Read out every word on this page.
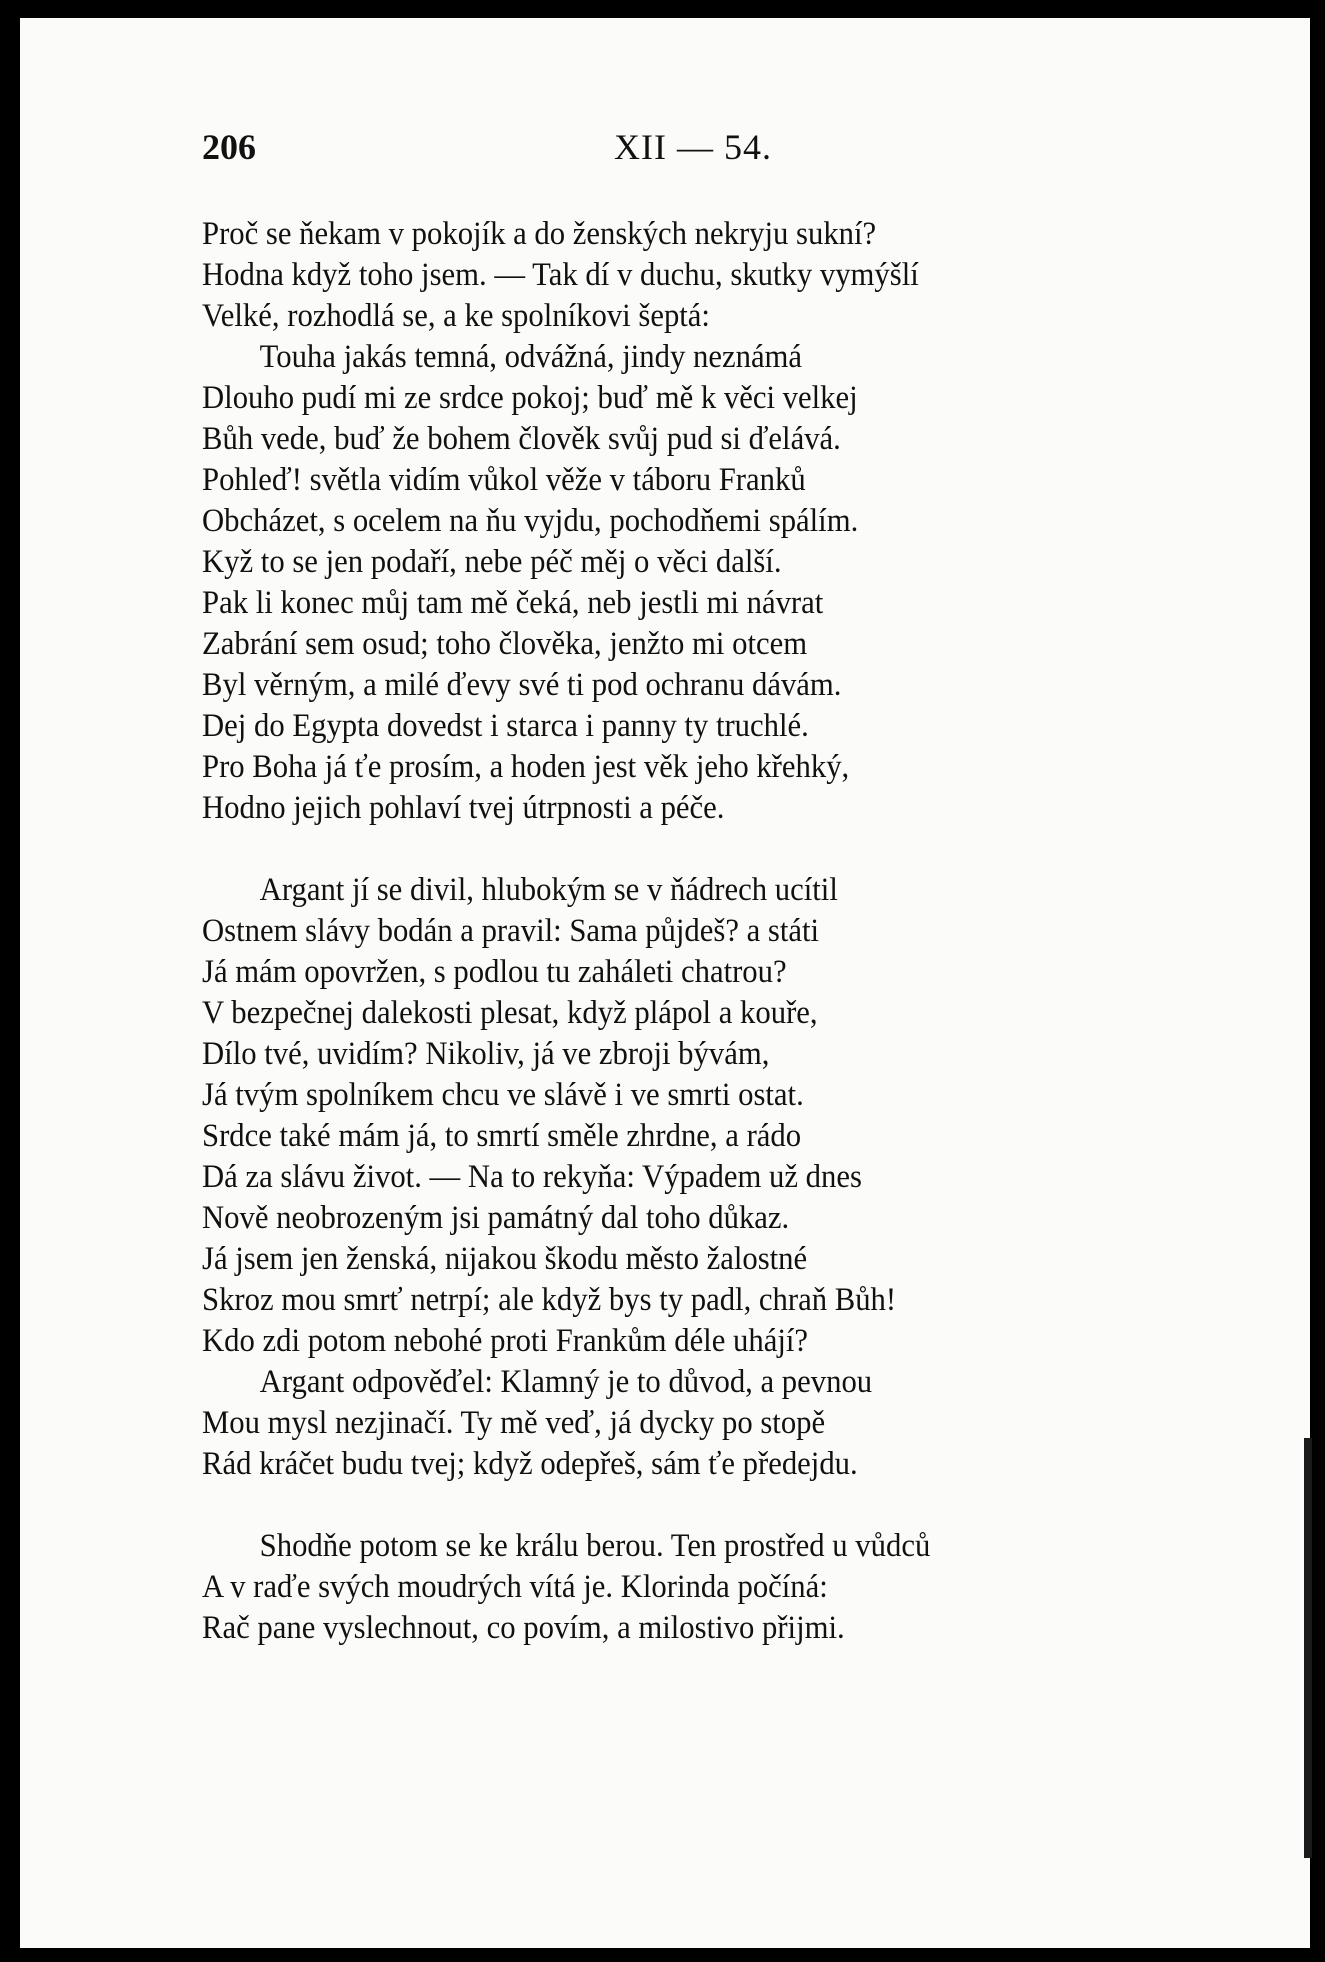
206	XII — 54.
Proč se ňekam v pokojík a do ženských nekryju sukní?
Hodna když toho jsem. — Tak dí v duchu, skutky vymýšlí
Velké, rozhodlá se, a ke spolníkovi šeptá:
Touha jakás temná, odvážná, jindy neznámá
Dlouho pudí mi ze srdce pokoj; buď mě k věci velkej
Bůh vede, buď že bohem člověk svůj pud si ďelává.
Pohleď! světla vidím vůkol věže v táboru Franků
Obcházet, s ocelem na ňu vyjdu, pochodňemi spálím.
Kyž to se jen podaří, nebe péč měj o věci další.
Pak li konec můj tam mě čeká, neb jestli mi návrat
Zabrání sem osud; toho člověka, jenžto mi otcem
Byl věrným, a milé ďevy své ti pod ochranu dávám.
Dej do Egypta dovedst i starca i panny ty truchlé.
Pro Boha já ťe prosím, a hoden jest věk jeho křehký,
Hodno jejich pohlaví tvej útrpnosti a péče.
Argant jí se divil, hlubokým se v ňádrech ucítil
Ostnem slávy bodán a pravil: Sama půjdeš? a státi
Já mám opovržen, s podlou tu zaháleti chatrou?
V bezpečnej dalekosti plesat, když plápol a kouře,
Dílo tvé, uvidím? Nikoliv, já ve zbroji bývám,
Já tvým spolníkem chcu ve slávě i ve smrti ostat.
Srdce také mám já, to smrtí směle zhrdne, a rádo
Dá za slávu život. — Na to rekyňa: Výpadem už dnes
Nově neobrozeným jsi památný dal toho důkaz.
Já jsem jen ženská, nijakou škodu město žalostné
Skroz mou smrť netrpí; ale když bys ty padl, chraň Bůh!
Kdo zdi potom nebohé proti Frankům déle uhájí?
Argant odpověďel: Klamný je to důvod, a pevnou
Mou mysl nezjinačí. Ty mě veď, já dycky po stopě
Rád kráčet budu tvej; když odepřeš, sám ťe předejdu.
Shodňe potom se ke králu berou. Ten prostřed u vůdců
A v raďe svých moudrých vítá je. Klorinda počíná:
Rač pane vyslechnout, co povím, a milostivo přijmi.
